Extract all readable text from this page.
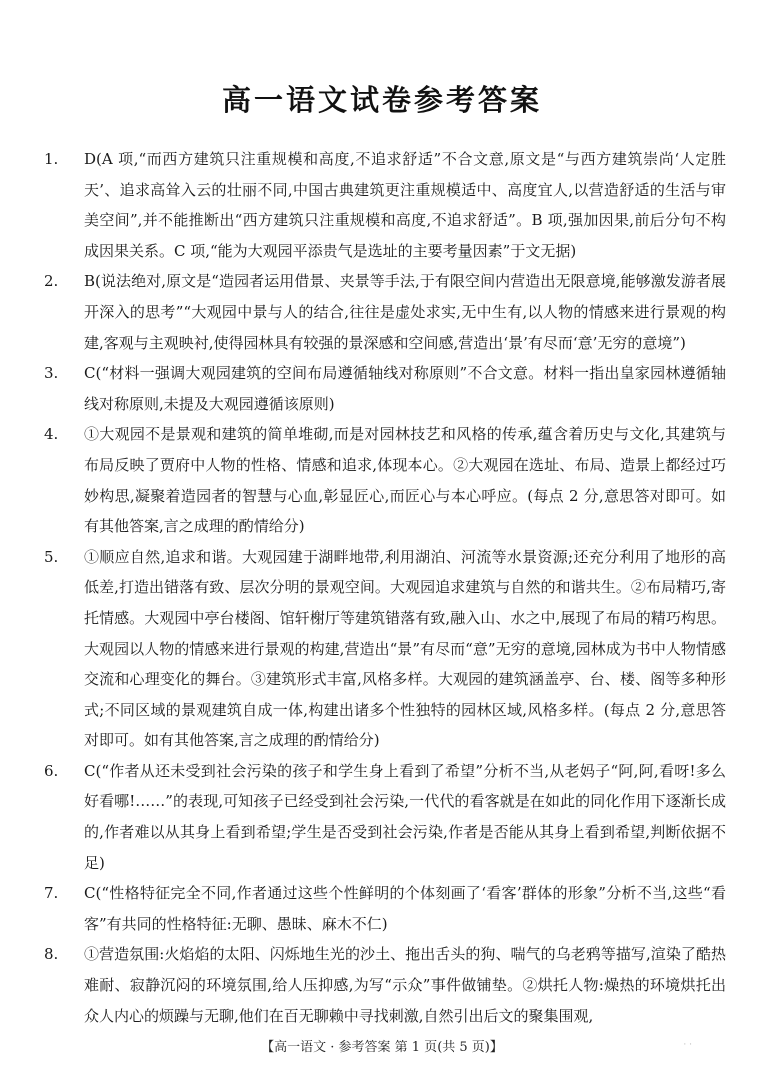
高一语文试卷参考答案
1. D(A 项,“而西方建筑只注重规模和高度,不追求舒适”不合文意,原文是“与西方建筑崇尚‘人定胜天’、追求高耸入云的壮丽不同,中国古典建筑更注重规模适中、高度宜人,以营造舒适的生活与审美空间”,并不能推断出“西方建筑只注重规模和高度,不追求舒适”。B 项,强加因果,前后分句不构成因果关系。C 项,“能为大观园平添贵气是选址的主要考量因素”于文无据)
2. B(说法绝对,原文是“造园者运用借景、夹景等手法,于有限空间内营造出无限意境,能够激发游者展开深入的思考”“大观园中景与人的结合,往往是虚处求实,无中生有,以人物的情感来进行景观的构建,客观与主观映衬,使得园林具有较强的景深感和空间感,营造出‘景’有尽而‘意’无穷的意境”)
3. C(“材料一强调大观园建筑的空间布局遵循轴线对称原则”不合文意。材料一指出皇家园林遵循轴线对称原则,未提及大观园遵循该原则)
4. ①大观园不是景观和建筑的简单堆砌,而是对园林技艺和风格的传承,蕴含着历史与文化,其建筑与布局反映了贾府中人物的性格、情感和追求,体现本心。②大观园在选址、布局、造景上都经过巧妙构思,凝聚着造园者的智慧与心血,彰显匠心,而匠心与本心呼应。(每点 2 分,意思答对即可。如有其他答案,言之成理的酌情给分)
5. ①顺应自然,追求和谐。大观园建于湖畔地带,利用湖泊、河流等水景资源;还充分利用了地形的高低差,打造出错落有致、层次分明的景观空间。大观园追求建筑与自然的和谐共生。②布局精巧,寄托情感。大观园中亭台楼阁、馆轩榭厅等建筑错落有致,融入山、水之中,展现了布局的精巧构思。大观园以人物的情感来进行景观的构建,营造出“景”有尽而“意”无穷的意境,园林成为书中人物情感交流和心理变化的舞台。③建筑形式丰富,风格多样。大观园的建筑涵盖亭、台、楼、阁等多种形式;不同区域的景观建筑自成一体,构建出诸多个性独特的园林区域,风格多样。(每点 2 分,意思答对即可。如有其他答案,言之成理的酌情给分)
6. C(“作者从还未受到社会污染的孩子和学生身上看到了希望”分析不当,从老妈子“阿,阿,看呀!多么好看哪!……”的表现,可知孩子已经受到社会污染,一代代的看客就是在如此的同化作用下逐渐长成的,作者难以从其身上看到希望;学生是否受到社会污染,作者是否能从其身上看到希望,判断依据不足)
7. C(“性格特征完全不同,作者通过这些个性鲜明的个体刻画了‘看客’群体的形象”分析不当,这些“看客”有共同的性格特征:无聊、愚昧、麻木不仁)
8. ①营造氛围:火焰焰的太阳、闪烁地生光的沙土、拖出舌头的狗、喘气的乌老鸦等描写,渲染了酷热难耐、寂静沉闷的环境氛围,给人压抑感,为写“示众”事件做铺垫。②烘托人物:燥热的环境烘托出众人内心的烦躁与无聊,他们在百无聊赖中寻找刺激,自然引出后文的聚集围观,
【高一语文 · 参考答案 第 1 页(共 5 页)】	· ·
